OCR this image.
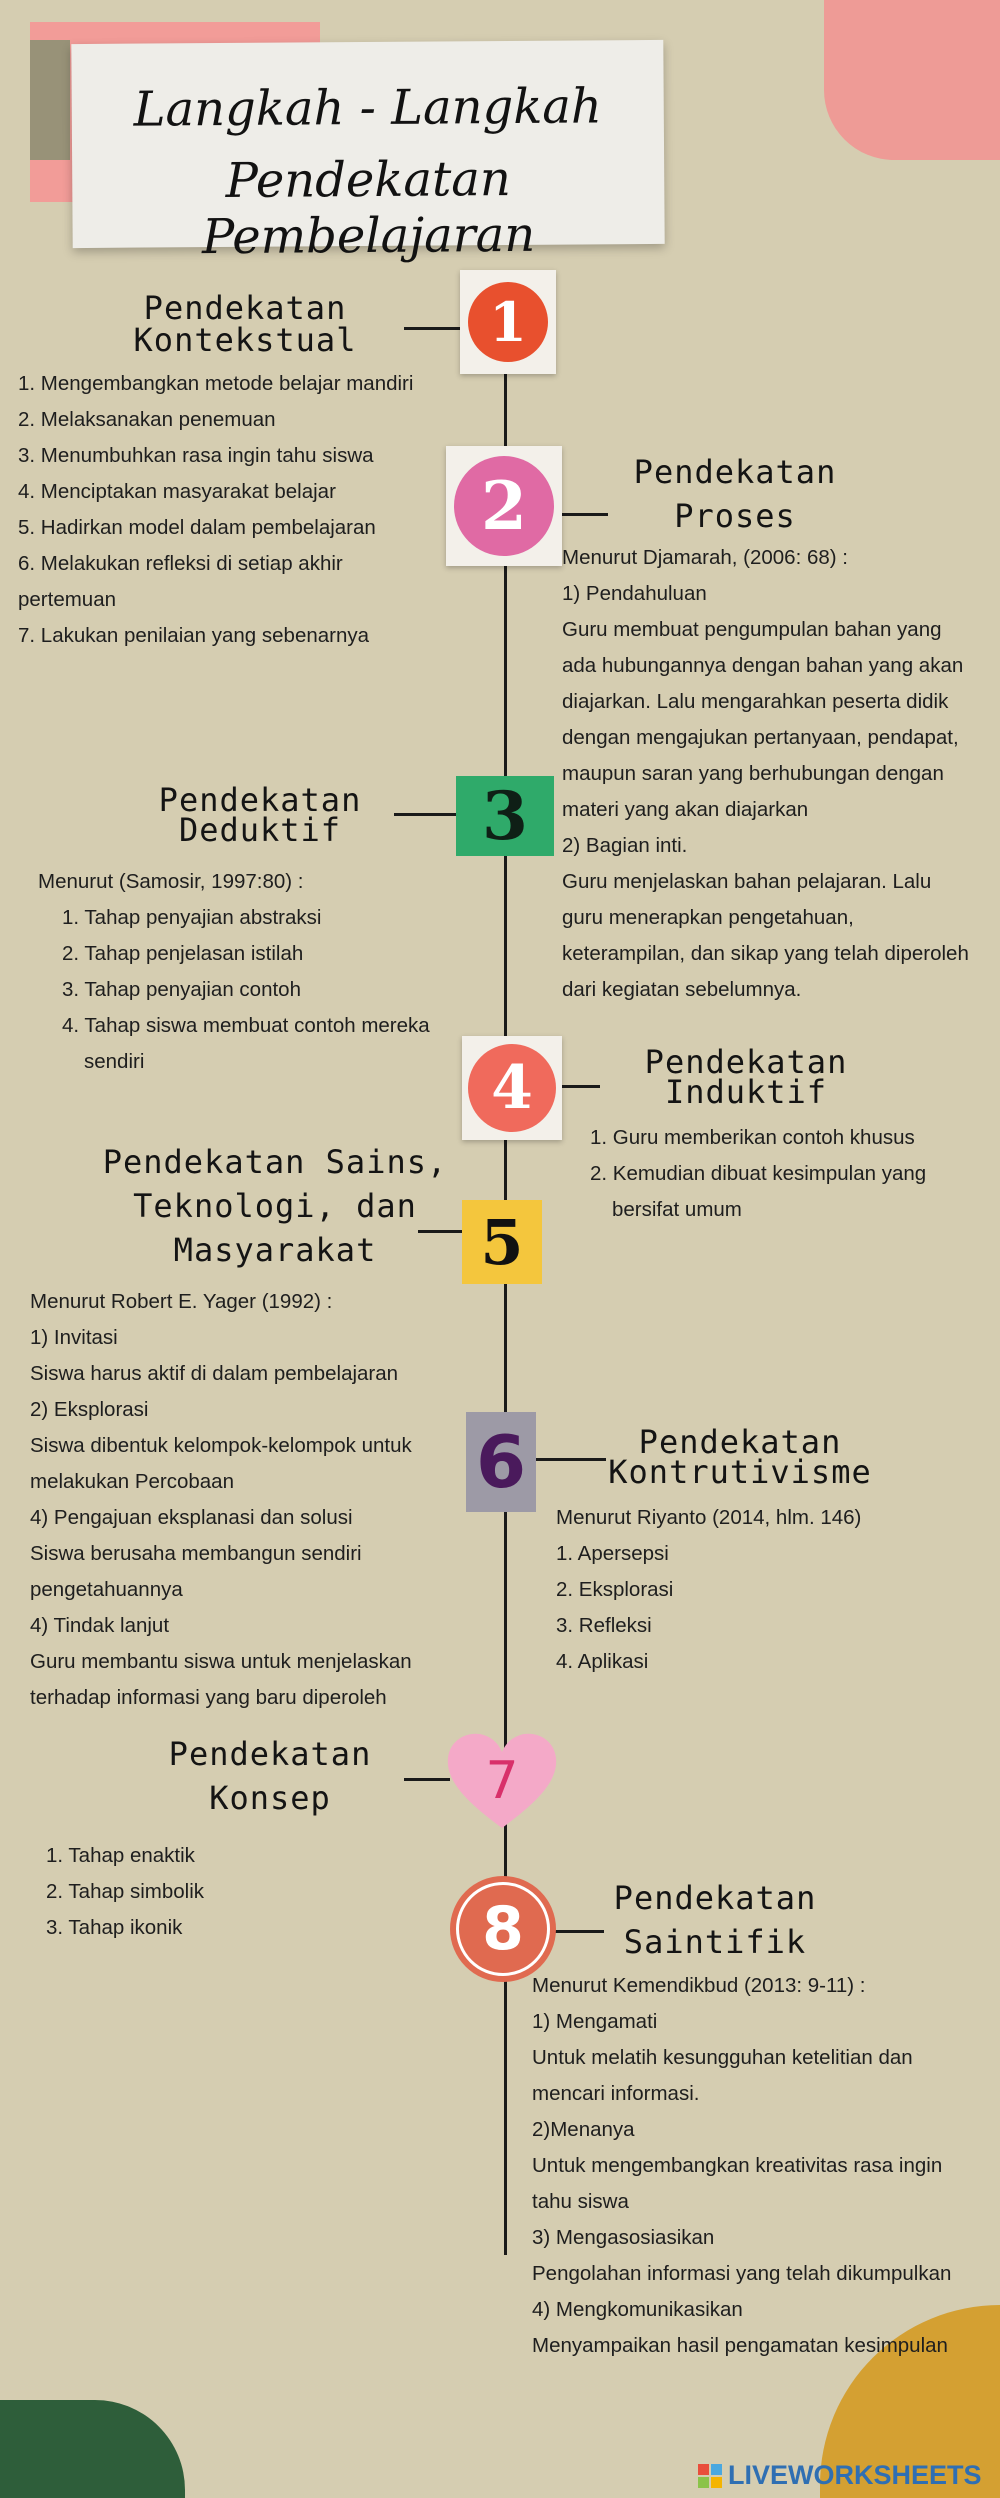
Langkah - Langkah
Pendekatan Pembelajaran
1
2
3
4
5
6
7
8
Pendekatan
Kontekstual
1. Mengembangkan metode belajar mandiri
2. Melaksanakan penemuan
3. Menumbuhkan rasa ingin tahu siswa
4. Menciptakan masyarakat belajar
5. Hadirkan model dalam pembelajaran
6. Melakukan refleksi di setiap akhir
pertemuan
7. Lakukan penilaian yang sebenarnya
Pendekatan
Proses
Menurut Djamarah, (2006: 68) :
1) Pendahuluan
Guru membuat pengumpulan bahan yang
ada hubungannya dengan bahan yang akan
diajarkan. Lalu mengarahkan peserta didik
dengan mengajukan pertanyaan, pendapat,
maupun saran yang berhubungan dengan
materi yang akan diajarkan
2) Bagian inti.
Guru menjelaskan bahan pelajaran. Lalu
guru menerapkan pengetahuan,
keterampilan, dan sikap yang telah diperoleh
dari kegiatan sebelumnya.
Pendekatan
Deduktif
Menurut (Samosir, 1997:80) :
1. Tahap penyajian abstraksi
2. Tahap penjelasan istilah
3. Tahap penyajian contoh
4. Tahap siswa membuat contoh mereka
sendiri	Pendekatan
Induktif
1. Guru memberikan contoh khusus
2. Kemudian dibuat kesimpulan yang
bersifat umum
Pendekatan Sains,
Teknologi, dan
Masyarakat
Menurut Robert E. Yager (1992) :
1) Invitasi
Siswa harus aktif di dalam pembelajaran
2) Eksplorasi
Siswa dibentuk kelompok-kelompok untuk
melakukan Percobaan
4) Pengajuan eksplanasi dan solusi
Siswa berusaha membangun sendiri
pengetahuannya
4) Tindak lanjut
Guru membantu siswa untuk menjelaskan
terhadap informasi yang baru diperoleh
Pendekatan
Kontrutivisme
Menurut Riyanto (2014, hlm. 146)
1. Apersepsi
2. Eksplorasi
3. Refleksi
4. Aplikasi
Pendekatan
Konsep
1. Tahap enaktik
2. Tahap simbolik
3. Tahap ikonik
Pendekatan
Saintifik
Menurut Kemendikbud (2013: 9-11) :
1) Mengamati
Untuk melatih kesungguhan ketelitian dan
mencari informasi.
2)Menanya
Untuk mengembangkan kreativitas rasa ingin
tahu siswa
3) Mengasosiasikan
Pengolahan informasi yang telah dikumpulkan
4) Mengkomunikasikan
Menyampaikan hasil pengamatan kesimpulan
LIVEWORKSHEETS
